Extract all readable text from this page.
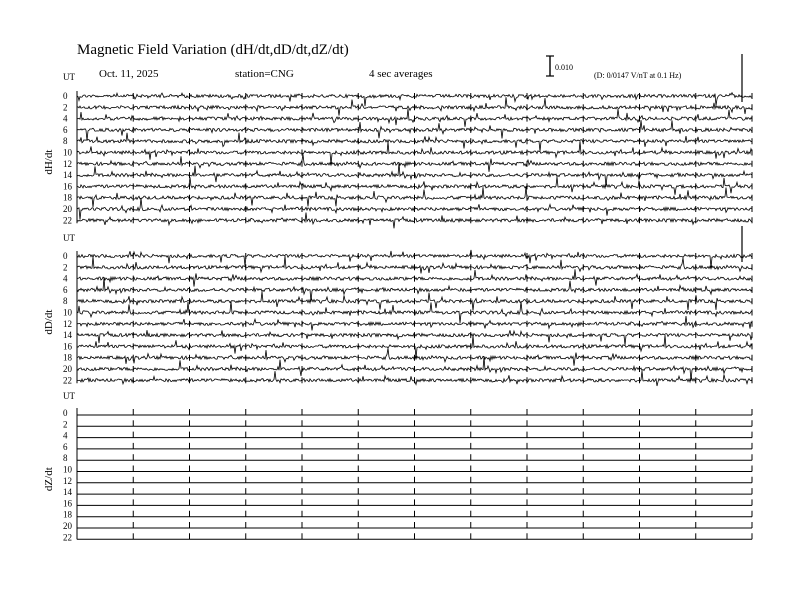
Magnetic Field Variation (dH/dt,dD/dt,dZ/dt)
Oct. 11, 2025	station=CNG	4 sec averages
0.010
(D: 0/0147 V/nT at 0.1 Hz)
UT
dH/dt
0
2
4
6
8
10
12
14
16
18
20
22
UT
dD/dt
0
2
4
6
8
10
12
14
16
18
20
22
UT
dZ/dt
0
2
4
6
8
10
12
14
16
18
20
22
